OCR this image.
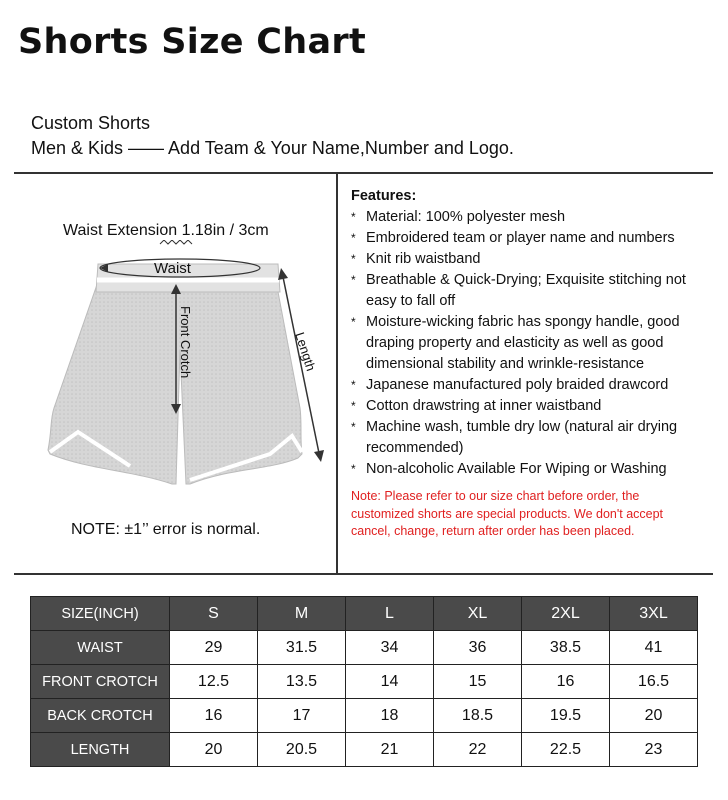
Shorts Size Chart

Custom Shorts

Men & Kids —— Add Team & Your Name,Number and Logo.

Waist Extension 1.18in / 3cm
Waist
Front Crotch	Length
NOTE: ±1’’ error is normal.

Features:

* Material: 100% polyester mesh
* Embroidered team or player name and numbers
* Knit rib waistband
* Breathable & Quick-Drying; Exquisite stitching not easy to fall off
* Moisture-wicking fabric has spongy handle, good draping property and elasticity as well as good dimensional stability and wrinkle-resistance
* Japanese manufactured poly braided drawcord
* Cotton drawstring at inner waistband
* Machine wash, tumble dry low (natural air drying recommended)
* Non-alcoholic Available For Wiping or Washing
Note: Please refer to our size chart before order, the customized shorts are special products. We don't accept cancel, change, return after order has been placed.
SIZE(INCH)	S	M	L	XL	2XL	3XL
WAIST	29	31.5	34	36	38.5	41
FRONT CROTCH	12.5	13.5	14	15	16	16.5
BACK CROTCH	16	17	18	18.5	19.5	20
LENGTH	20	20.5	21	22	22.5	23
